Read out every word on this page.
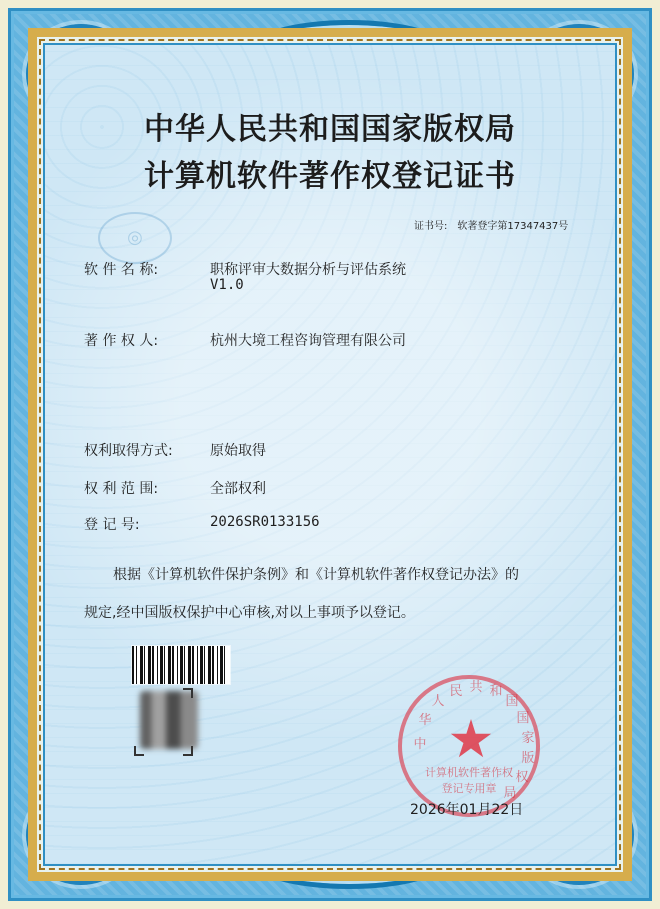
中华人民共和国国家版权局
计算机软件著作权登记证书
◎
证书号: 软著登字第17347437号
软 件 名 称:	职称评审大数据分析与评估系统
V1.0
著 作 权 人:	杭州大境工程咨询管理有限公司
权利取得方式:	原始取得
权 利 范 围:	全部权利
登 记 号:	2026SR0133156
根据《计算机软件保护条例》和《计算机软件著作权登记办法》的
规定,经中国版权保护中心审核,对以上事项予以登记。
中
华
人
民 共 和
国
国
家
版
权
局
计算机软件著作权
登记专用章
2026年01月22日
